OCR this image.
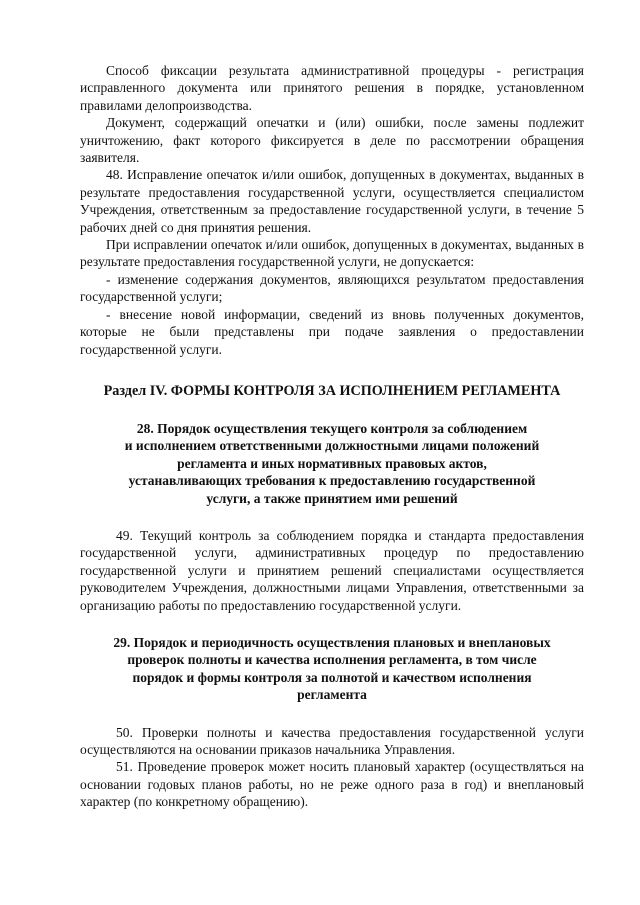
Способ фиксации результата административной процедуры - регистрация исправленного документа или принятого решения в порядке, установленном правилами делопроизводства.

Документ, содержащий опечатки и (или) ошибки, после замены подлежит уничтожению, факт которого фиксируется в деле по рассмотрении обращения заявителя.

48. Исправление опечаток и/или ошибок, допущенных в документах, выданных в результате предоставления государственной услуги, осуществляется специалистом Учреждения, ответственным за предоставление государственной услуги, в течение 5 рабочих дней со дня принятия решения.

При исправлении опечаток и/или ошибок, допущенных в документах, выданных в результате предоставления государственной услуги, не допускается:

- изменение содержания документов, являющихся результатом предоставления государственной услуги;

- внесение новой информации, сведений из вновь полученных документов, которые не были представлены при подаче заявления о предоставлении государственной услуги.

Раздел IV. ФОРМЫ КОНТРОЛЯ ЗА ИСПОЛНЕНИЕМ РЕГЛАМЕНТА
28. Порядок осуществления текущего контроля за соблюдением
и исполнением ответственными должностными лицами положений
регламента и иных нормативных правовых актов,
устанавливающих требования к предоставлению государственной
услуги, а также принятием ими решений

49. Текущий контроль за соблюдением порядка и стандарта предоставления государственной услуги, административных процедур по предоставлению государственной услуги и принятием решений специалистами осуществляется руководителем Учреждения, должностными лицами Управления, ответственными за организацию работы по предоставлению государственной услуги.

29. Порядок и периодичность осуществления плановых и внеплановых
проверок полноты и качества исполнения регламента, в том числе
порядок и формы контроля за полнотой и качеством исполнения
регламента

50. Проверки полноты и качества предоставления государственной услуги осуществляются на основании приказов начальника Управления.

51. Проведение проверок может носить плановый характер (осуществляться на основании годовых планов работы, но не реже одного раза в год) и внеплановый характер (по конкретному обращению).
